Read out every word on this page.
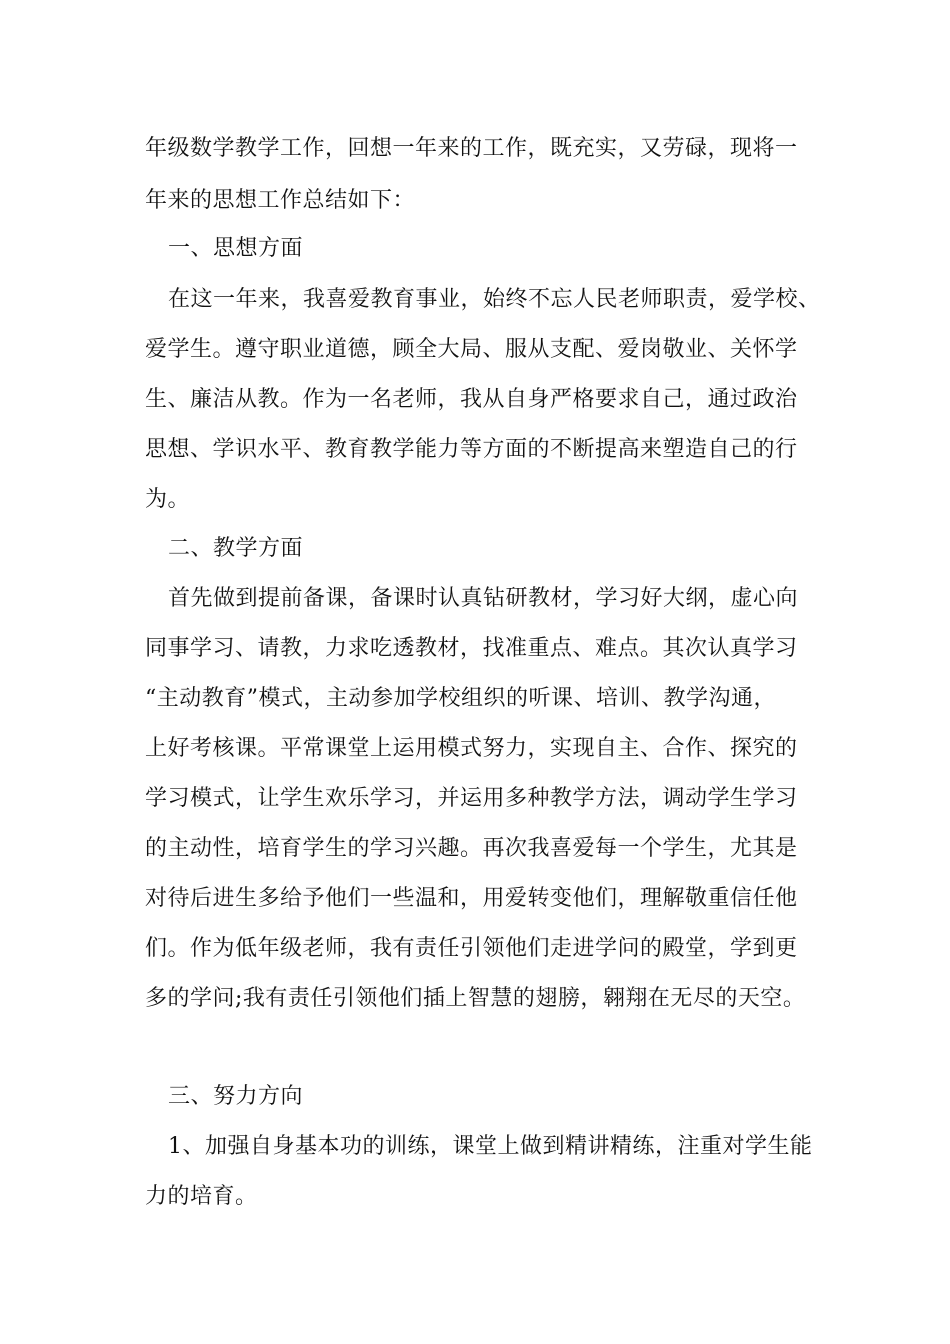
年级数学教学工作，回想一年来的工作，既充实，又劳碌，现将一
年来的思想工作总结如下：
一、思想方面
在这一年来，我喜爱教育事业，始终不忘人民老师职责，爱学校、
爱学生。遵守职业道德，顾全大局、服从支配、爱岗敬业、关怀学
生、廉洁从教。作为一名老师，我从自身严格要求自己，通过政治
思想、学识水平、教育教学能力等方面的不断提高来塑造自己的行
为。
二、教学方面
首先做到提前备课，备课时认真钻研教材，学习好大纲，虚心向
同事学习、请教，力求吃透教材，找准重点、难点。其次认真学习
“主动教育”模式，主动参加学校组织的听课、培训、教学沟通，
上好考核课。平常课堂上运用模式努力，实现自主、合作、探究的
学习模式，让学生欢乐学习，并运用多种教学方法，调动学生学习
的主动性，培育学生的学习兴趣。再次我喜爱每一个学生，尤其是
对待后进生多给予他们一些温和，用爱转变他们，理解敬重信任他
们。作为低年级老师，我有责任引领他们走进学问的殿堂，学到更
多的学问;我有责任引领他们插上智慧的翅膀，翱翔在无尽的天空。
三、努力方向
1、加强自身基本功的训练，课堂上做到精讲精练，注重对学生能
力的培育。
